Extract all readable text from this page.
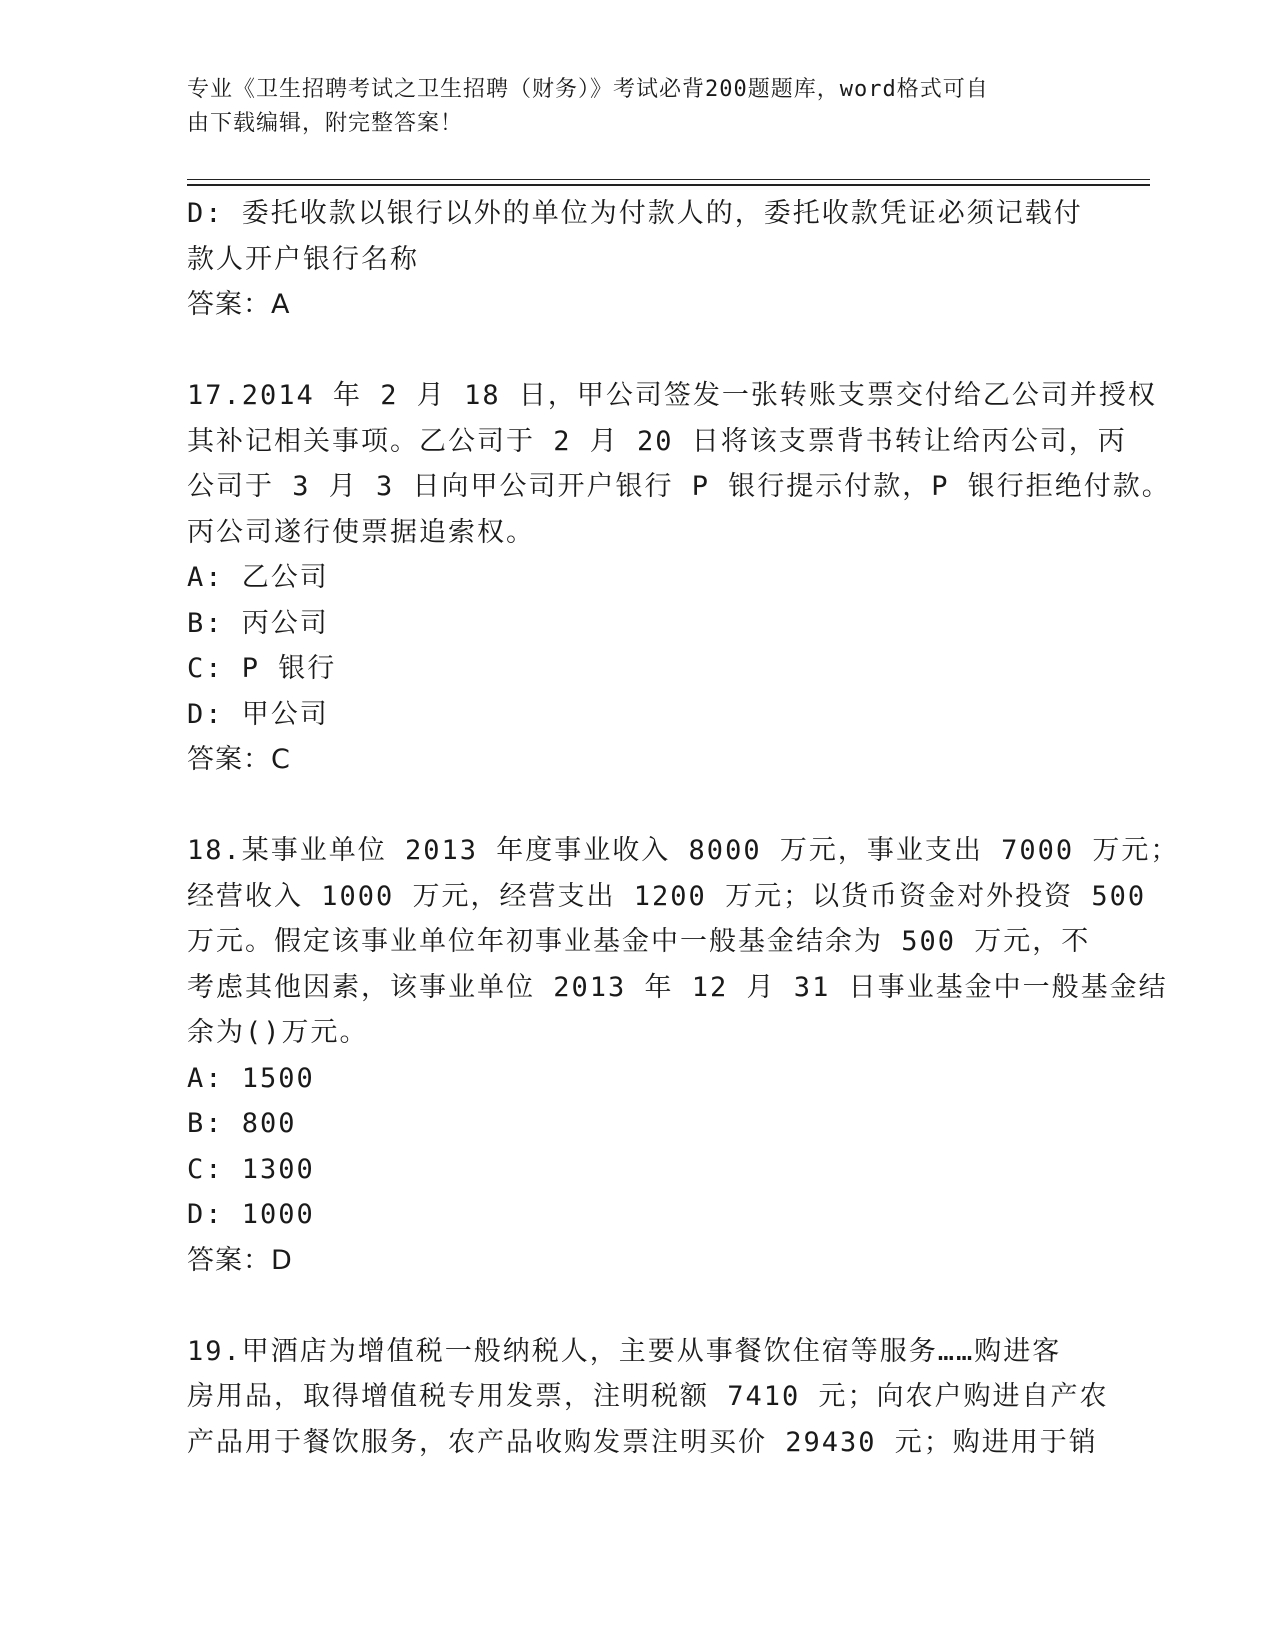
专业《卫生招聘考试之卫生招聘（财务）》考试必背200题题库，word格式可自
由下载编辑，附完整答案！
D: 委托收款以银行以外的单位为付款人的，委托收款凭证必须记载付
款人开户银行名称
答案：A
17.2014 年 2 月 18 日，甲公司签发一张转账支票交付给乙公司并授权
其补记相关事项。乙公司于 2 月 20 日将该支票背书转让给丙公司，丙
公司于 3 月 3 日向甲公司开户银行 P 银行提示付款，P 银行拒绝付款。
丙公司遂行使票据追索权。
A: 乙公司
B: 丙公司
C: P 银行
D: 甲公司
答案：C
18.某事业单位 2013 年度事业收入 8000 万元，事业支出 7000 万元；
经营收入 1000 万元，经营支出 1200 万元；以货币资金对外投资 500
万元。假定该事业单位年初事业基金中一般基金结余为 500 万元，不
考虑其他因素，该事业单位 2013 年 12 月 31 日事业基金中一般基金结
余为()万元。
A: 1500
B: 800
C: 1300
D: 1000
答案：D
19.甲酒店为增值税一般纳税人，主要从事餐饮住宿等服务……购进客
房用品，取得增值税专用发票，注明税额 7410 元；向农户购进自产农
产品用于餐饮服务，农产品收购发票注明买价 29430 元；购进用于销
